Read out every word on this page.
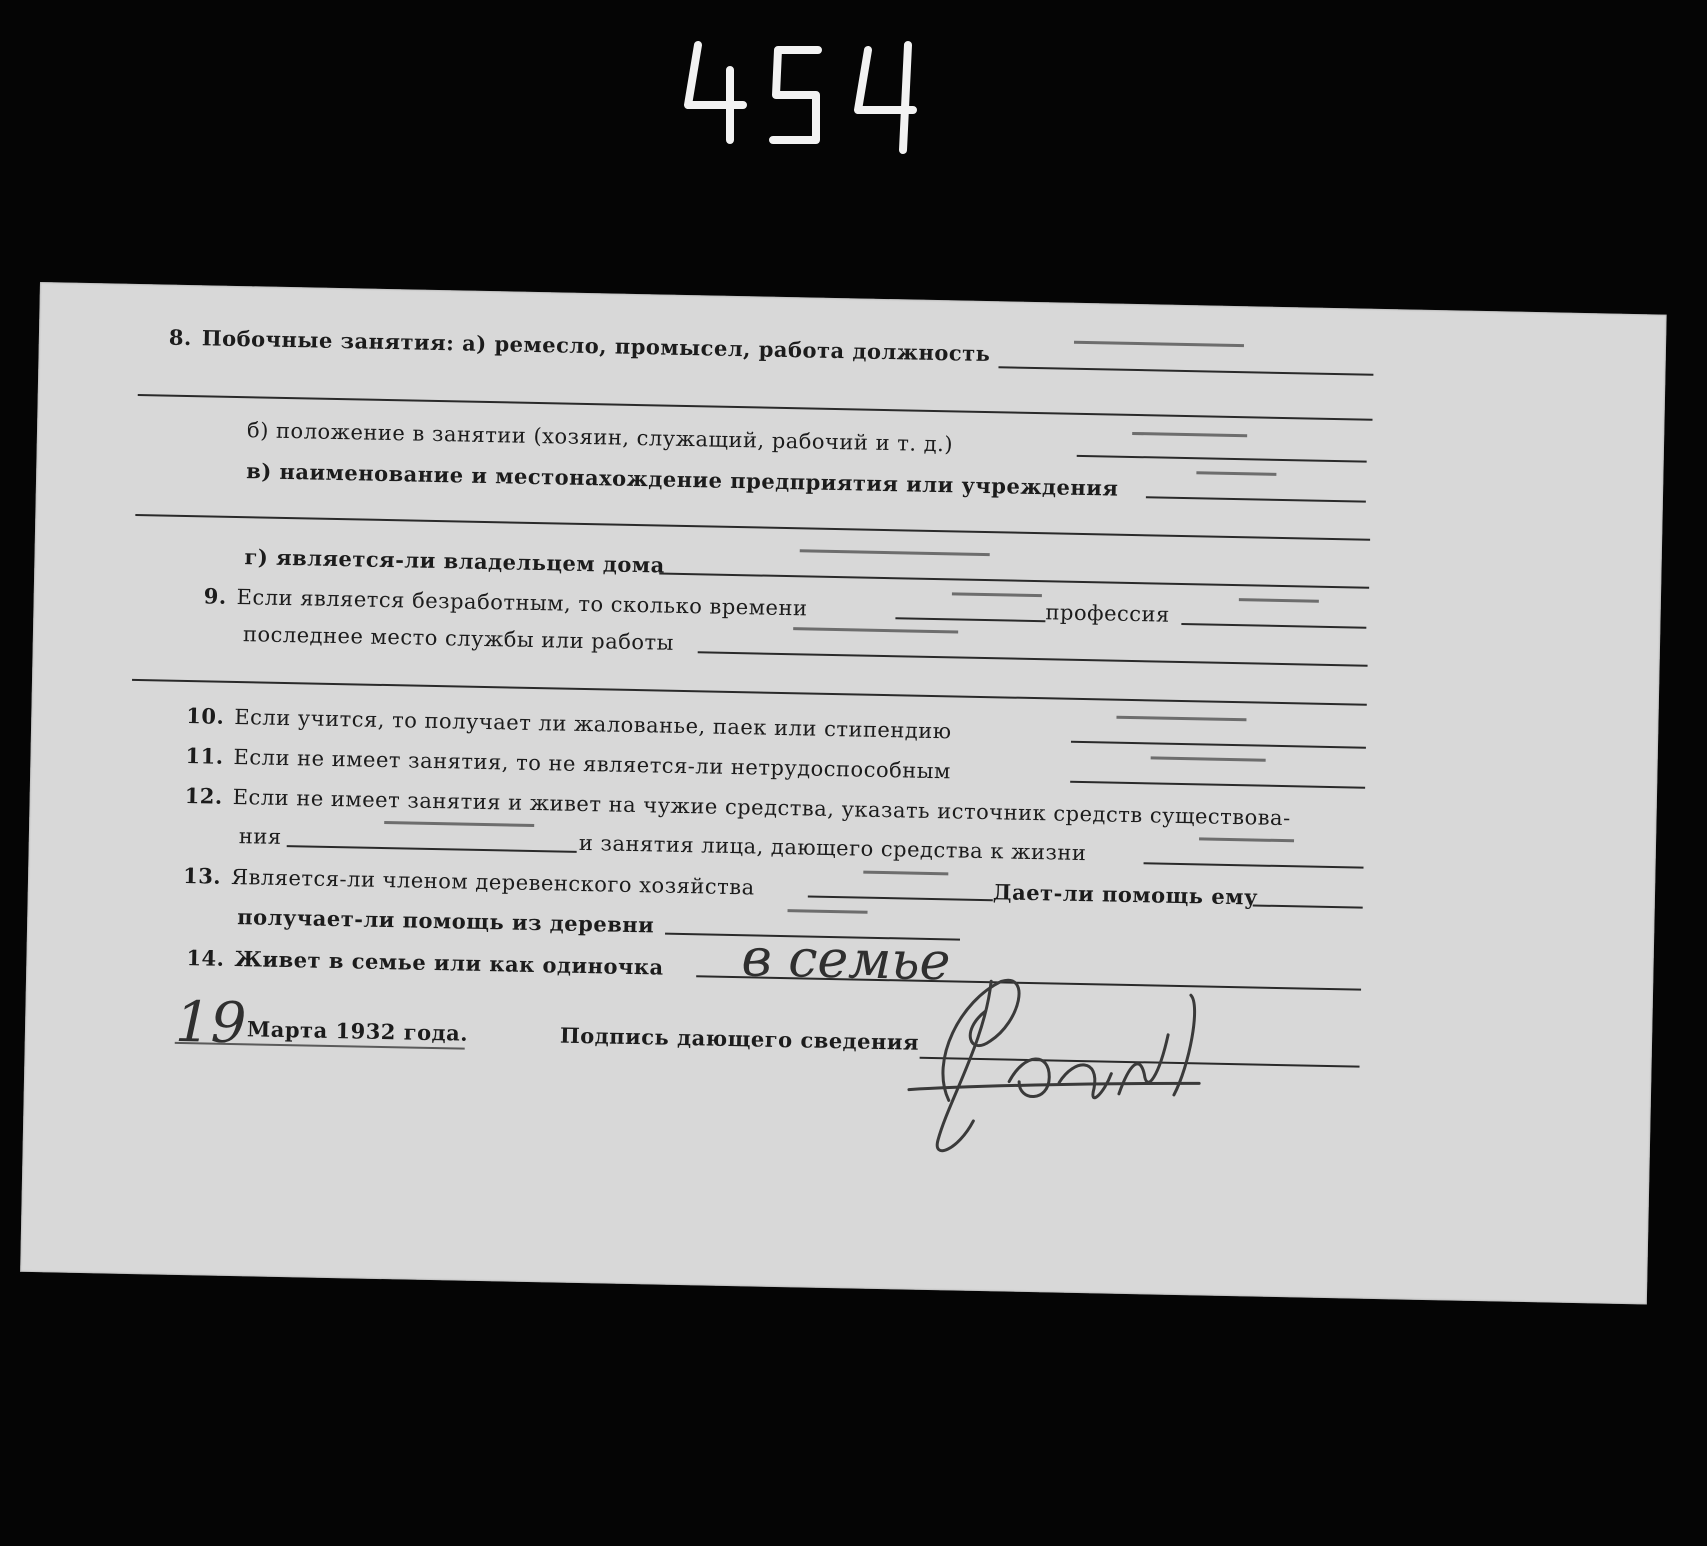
8. Побочные занятия: а) ремесло, промысел, работа должность
б) положение в занятии (хозяин, служащий, рабочий и т. д.)
в) наименование и местонахождение предприятия или учреждения
г) является-ли владельцем дома
9. Если является безработным, то сколько времени	профессия
последнее место службы или работы
10. Если учится, то получает ли жалованье, паек или стипендию
11. Если не имеет занятия, то не является-ли нетрудоспособным
12. Если не имеет занятия и живет на чужие средства, указать источник средств существова-
ния	и занятия лица, дающего средства к жизни
13. Является-ли членом деревенского хозяйства	Дает-ли помощь ему
получает-ли помощь из деревни
14. Живет в семье или как одиночка в семье
19 Марта 1932 года.	Подпись дающего сведения
